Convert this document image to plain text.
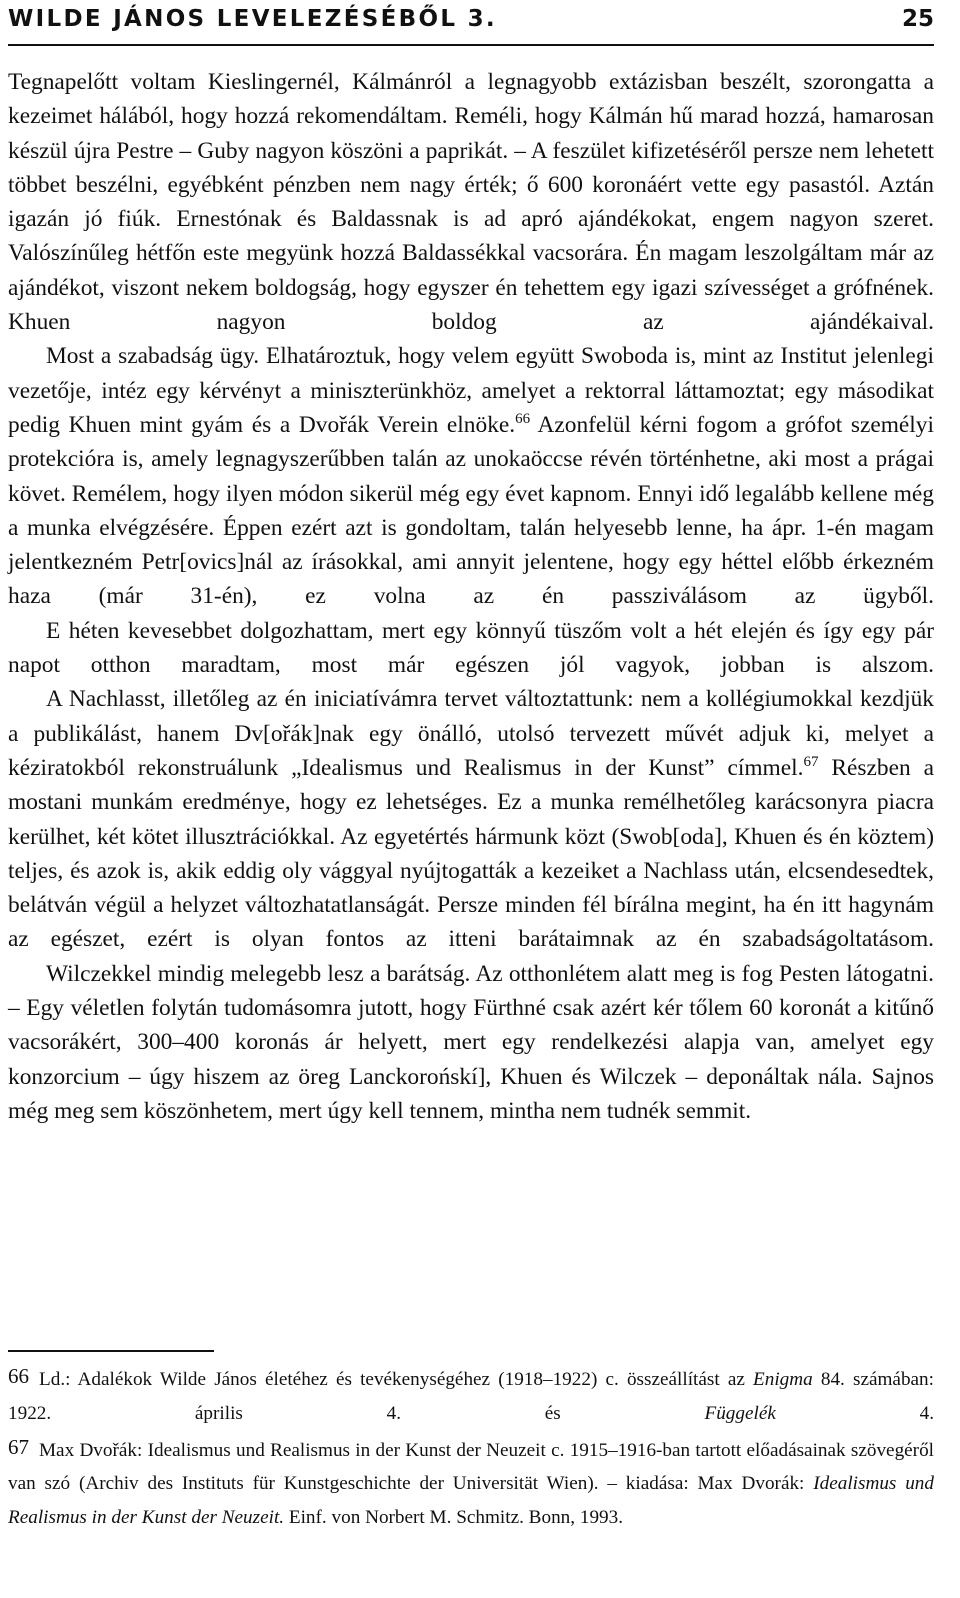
WILDE JÁNOS LEVELEZÉSÉBŐL 3.	25

Tegnapelőtt voltam Kieslingernél, Kálmánról a legnagyobb extázisban beszélt, szorongatta a kezeimet hálából, hogy hozzá rekomendáltam. Reméli, hogy Kálmán hű marad hozzá, hamarosan készül újra Pestre – Guby nagyon köszöni a paprikát. – A feszület kifizetéséről persze nem lehetett többet beszélni, egyébként pénzben nem nagy érték; ő 600 koronáért vette egy pasastól. Aztán igazán jó fiúk. Ernestónak és Baldassnak is ad apró ajándékokat, engem nagyon szeret. Valószínűleg hétfőn este megyünk hozzá Baldassékkal vacsorára. Én magam leszolgáltam már az ajándékot, viszont nekem boldogság, hogy egyszer én tehettem egy igazi szívességet a grófnének. Khuen nagyon boldog az ajándékaival.

Most a szabadság ügy. Elhatároztuk, hogy velem együtt Swoboda is, mint az Institut jelenlegi vezetője, intéz egy kérvényt a miniszterünkhöz, amelyet a rektorral láttamoztat; egy másodikat pedig Khuen mint gyám és a Dvořák Verein elnöke.$^{66}$ Azonfelül kérni fogom a grófot személyi protekcióra is, amely legnagyszerűbben talán az unokaöccse révén történhetne, aki most a prágai követ. Remélem, hogy ilyen módon sikerül még egy évet kapnom. Ennyi idő legalább kellene még a munka elvégzésére. Éppen ezért azt is gondoltam, talán helyesebb lenne, ha ápr. 1-én magam jelentkezném Petr[ovics]nál az írásokkal, ami annyit jelentene, hogy egy héttel előbb érkezném haza (már 31-én), ez volna az én passziválásom az ügyből.

E héten kevesebbet dolgozhattam, mert egy könnyű tüszőm volt a hét elején és így egy pár napot otthon maradtam, most már egészen jól vagyok, jobban is alszom.

A Nachlasst, illetőleg az én iniciatívámra tervet változtattunk: nem a kollégiumokkal kezdjük a publikálást, hanem Dv[ořák]nak egy önálló, utolsó tervezett művét adjuk ki, melyet a kéziratokból rekonstruálunk „Idealismus und Realismus in der Kunst” címmel.$^{67}$ Részben a mostani munkám eredménye, hogy ez lehetséges. Ez a munka remélhetőleg karácsonyra piacra kerülhet, két kötet illusztrációkkal. Az egyetértés hármunk közt (Swob[oda], Khuen és én köztem) teljes, és azok is, akik eddig oly vággyal nyújtogatták a kezeiket a Nachlass után, elcsendesedtek, belátván végül a helyzet változhatatlanságát. Persze minden fél bírálna megint, ha én itt hagynám az egészet, ezért is olyan fontos az itteni barátaimnak az én szabadságoltatásom.

Wilczekkel mindig melegebb lesz a barátság. Az otthonlétem alatt meg is fog Pesten látogatni. – Egy véletlen folytán tudomásomra jutott, hogy Fürthné csak azért kér tőlem 60 koronát a kitűnő vacsorákért, 300–400 koronás ár helyett, mert egy rendelkezési alapja van, amelyet egy konzorcium – úgy hiszem az öreg Lanckorońskí], Khuen és Wilczek – deponáltak nála. Sajnos még meg sem köszönhetem, mert úgy kell tennem, mintha nem tudnék semmit.

66 Ld.: Adalékok Wilde János életéhez és tevékenységéhez (1918–1922) c. összeállítást az Enigma 84. számában: 1922. április 4. és Függelék 4.

67 Max Dvořák: Idealismus und Realismus in der Kunst der Neuzeit c. 1915–1916-ban tartott előadásainak szövegéről van szó (Archiv des Instituts für Kunstgeschichte der Universität Wien). – kiadása: Max Dvorák: Idealismus und Realismus in der Kunst der Neuzeit. Einf. von Norbert M. Schmitz. Bonn, 1993.
